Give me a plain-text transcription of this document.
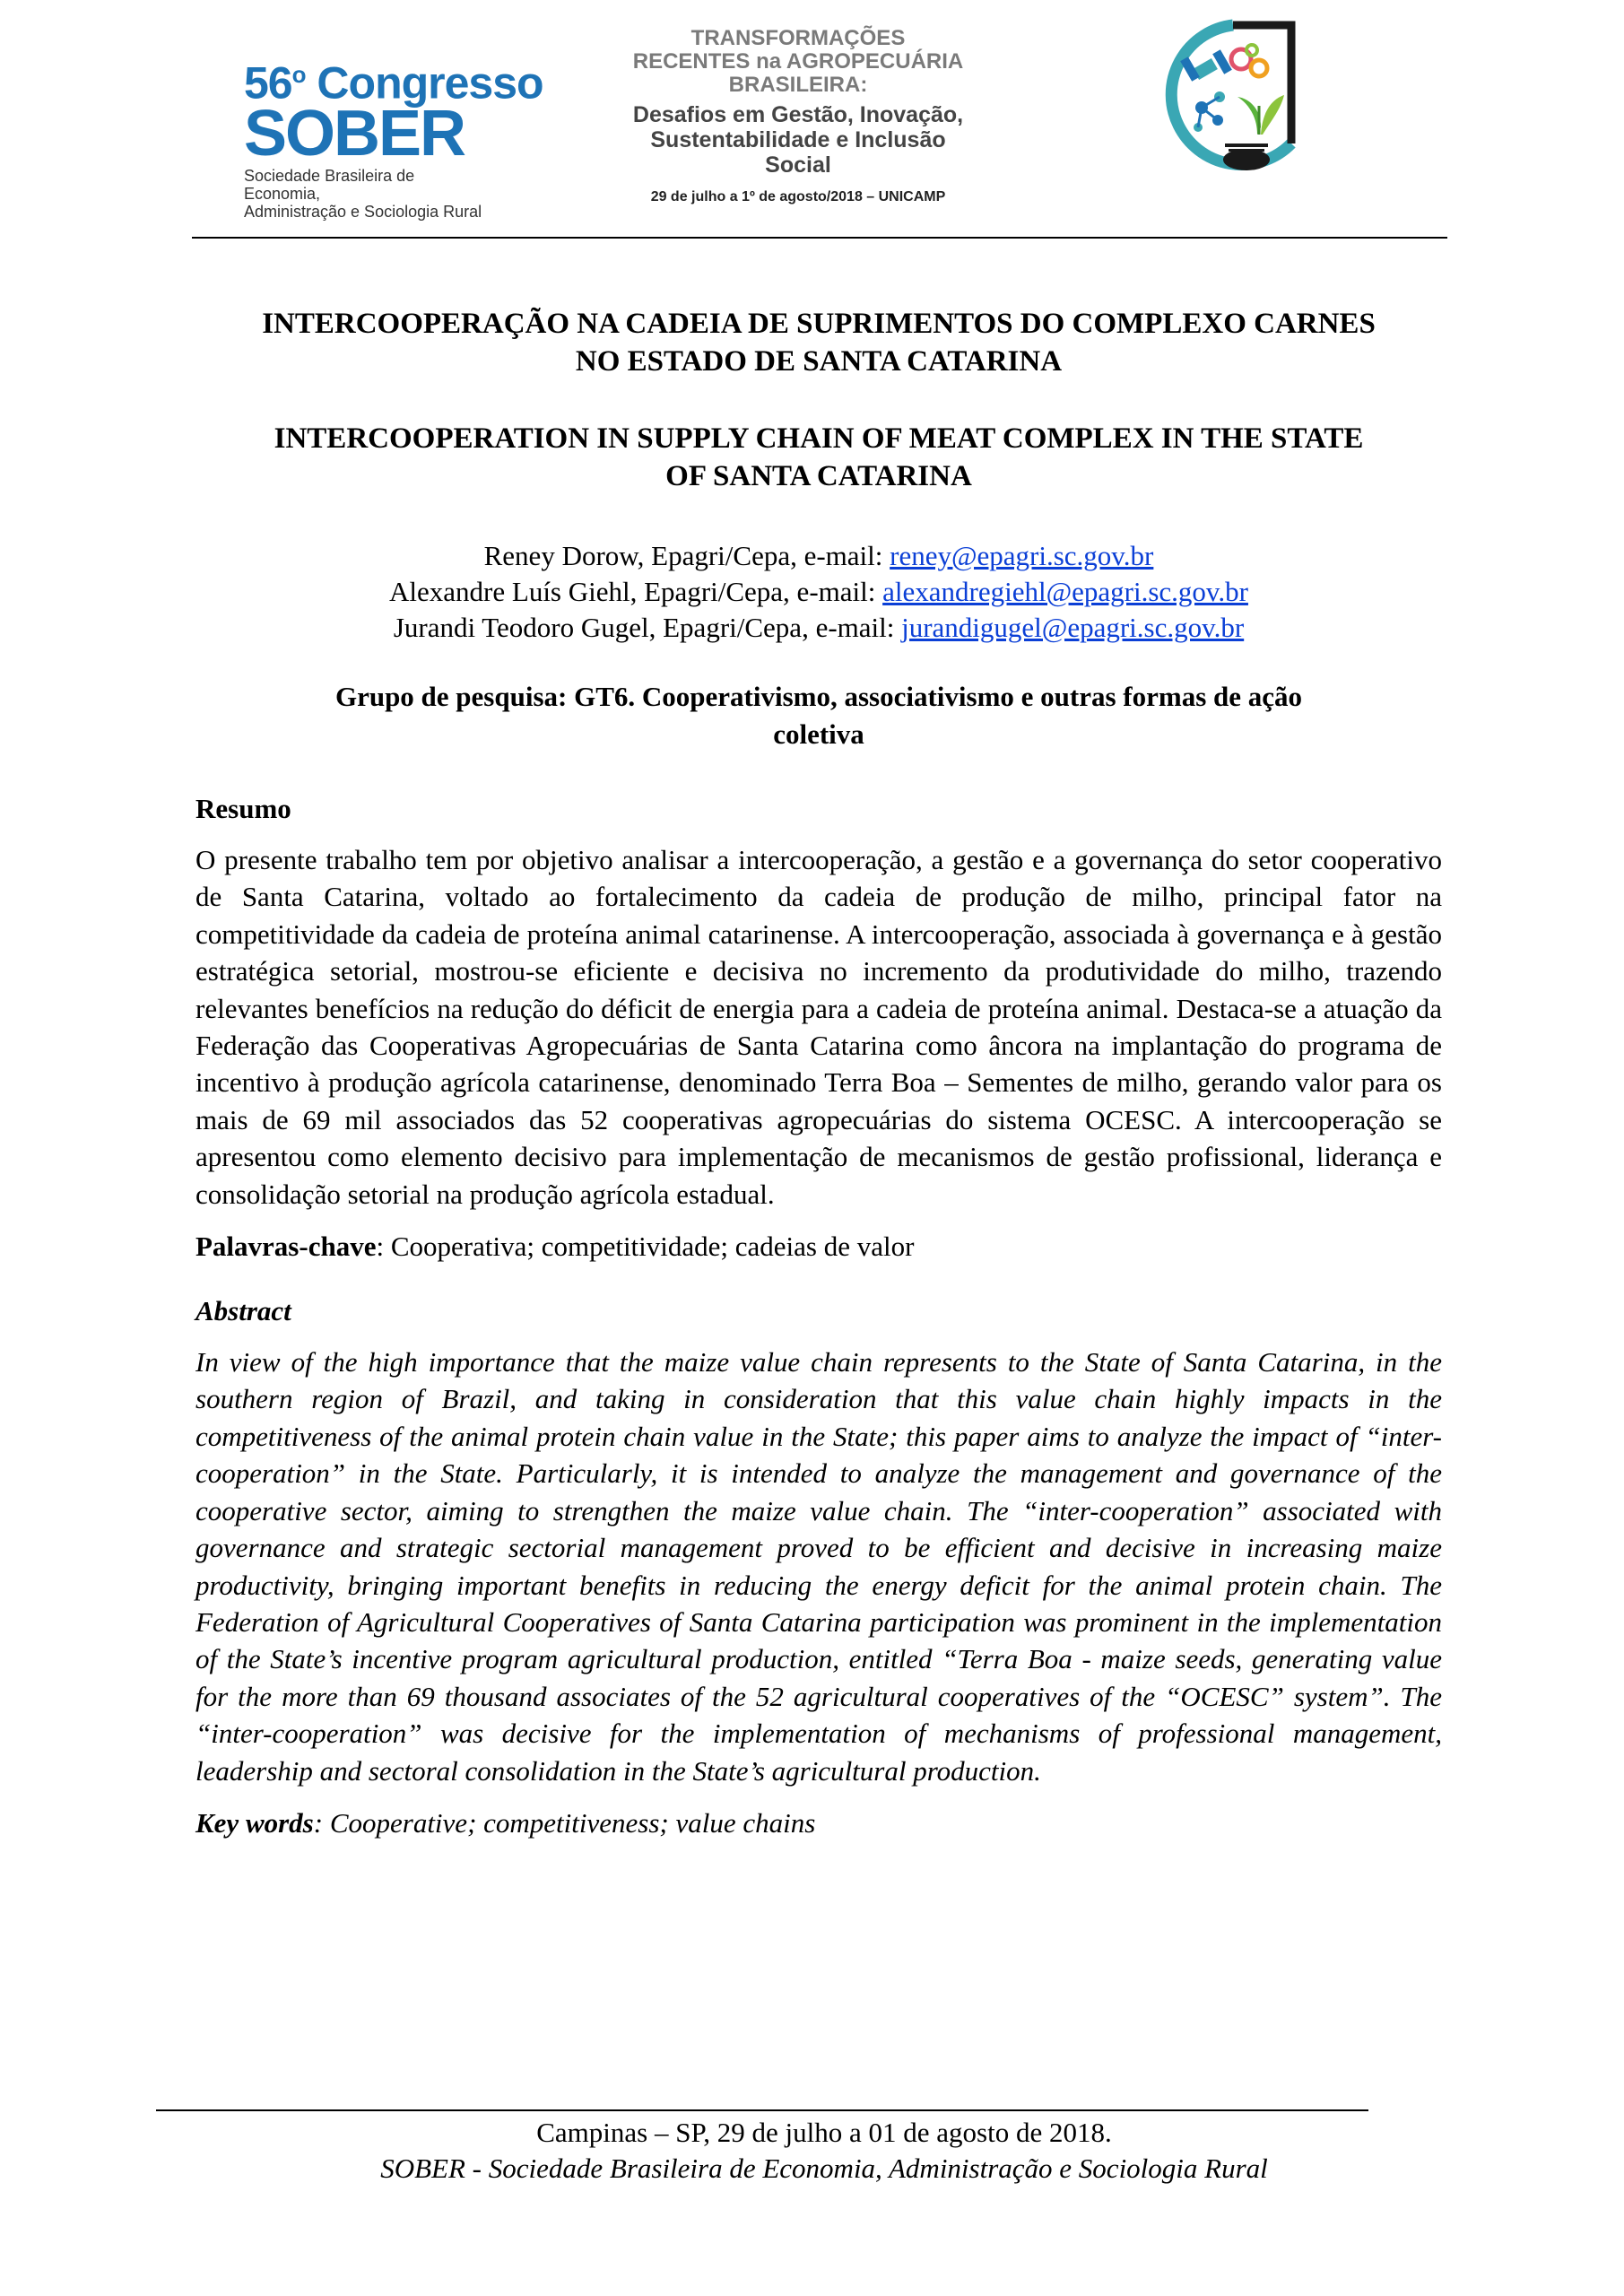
56$^o$ Congresso
SOBER
Sociedade Brasileira de Economia,
Administração e Sociologia Rural
TRANSFORMAÇÕES
RECENTES na AGROPECUÁRIA
BRASILEIRA:
Desafios em Gestão, Inovação,
Sustentabilidade e Inclusão Social
29 de julho a 1º de agosto/2018 – UNICAMP
INTERCOOPERAÇÃO NA CADEIA DE SUPRIMENTOS DO COMPLEXO CARNES
NO ESTADO DE SANTA CATARINA
INTERCOOPERATION IN SUPPLY CHAIN OF MEAT COMPLEX IN THE STATE
OF SANTA CATARINA
Reney Dorow, Epagri/Cepa, e-mail: reney@epagri.sc.gov.br
Alexandre Luís Giehl, Epagri/Cepa, e-mail: alexandregiehl@epagri.sc.gov.br
Jurandi Teodoro Gugel, Epagri/Cepa, e-mail: jurandigugel@epagri.sc.gov.br
Grupo de pesquisa: GT6. Cooperativismo, associativismo e outras formas de ação
coletiva
Resumo
O presente trabalho tem por objetivo analisar a intercooperação, a gestão e a governança do setor cooperativo de Santa Catarina, voltado ao fortalecimento da cadeia de produção de milho, principal fator na competitividade da cadeia de proteína animal catarinense. A intercooperação, associada à governança e à gestão estratégica setorial, mostrou-se eficiente e decisiva no incremento da produtividade do milho, trazendo relevantes benefícios na redução do déficit de energia para a cadeia de proteína animal. Destaca-se a atuação da Federação das Cooperativas Agropecuárias de Santa Catarina como âncora na implantação do programa de incentivo à produção agrícola catarinense, denominado Terra Boa – Sementes de milho, gerando valor para os mais de 69 mil associados das 52 cooperativas agropecuárias do sistema OCESC. A intercooperação se apresentou como elemento decisivo para implementação de mecanismos de gestão profissional, liderança e consolidação setorial na produção agrícola estadual.
Palavras-chave: Cooperativa; competitividade; cadeias de valor
Abstract
In view of the high importance that the maize value chain represents to the State of Santa Catarina, in the southern region of Brazil, and taking in consideration that this value chain highly impacts in the competitiveness of the animal protein chain value in the State; this paper aims to analyze the impact of “inter-cooperation” in the State. Particularly, it is intended to analyze the management and governance of the cooperative sector, aiming to strengthen the maize value chain. The “inter-cooperation” associated with governance and strategic sectorial management proved to be efficient and decisive in increasing maize productivity, bringing important benefits in reducing the energy deficit for the animal protein chain. The Federation of Agricultural Cooperatives of Santa Catarina participation was prominent in the implementation of the State’s incentive program agricultural production, entitled “Terra Boa - maize seeds, generating value for the more than 69 thousand associates of the 52 agricultural cooperatives of the “OCESC” system”. The “inter-cooperation” was decisive for the implementation of mechanisms of professional management, leadership and sectoral consolidation in the State’s agricultural production.
Key words: Cooperative; competitiveness; value chains
Campinas – SP, 29 de julho a 01 de agosto de 2018.
SOBER - Sociedade Brasileira de Economia, Administração e Sociologia Rural
